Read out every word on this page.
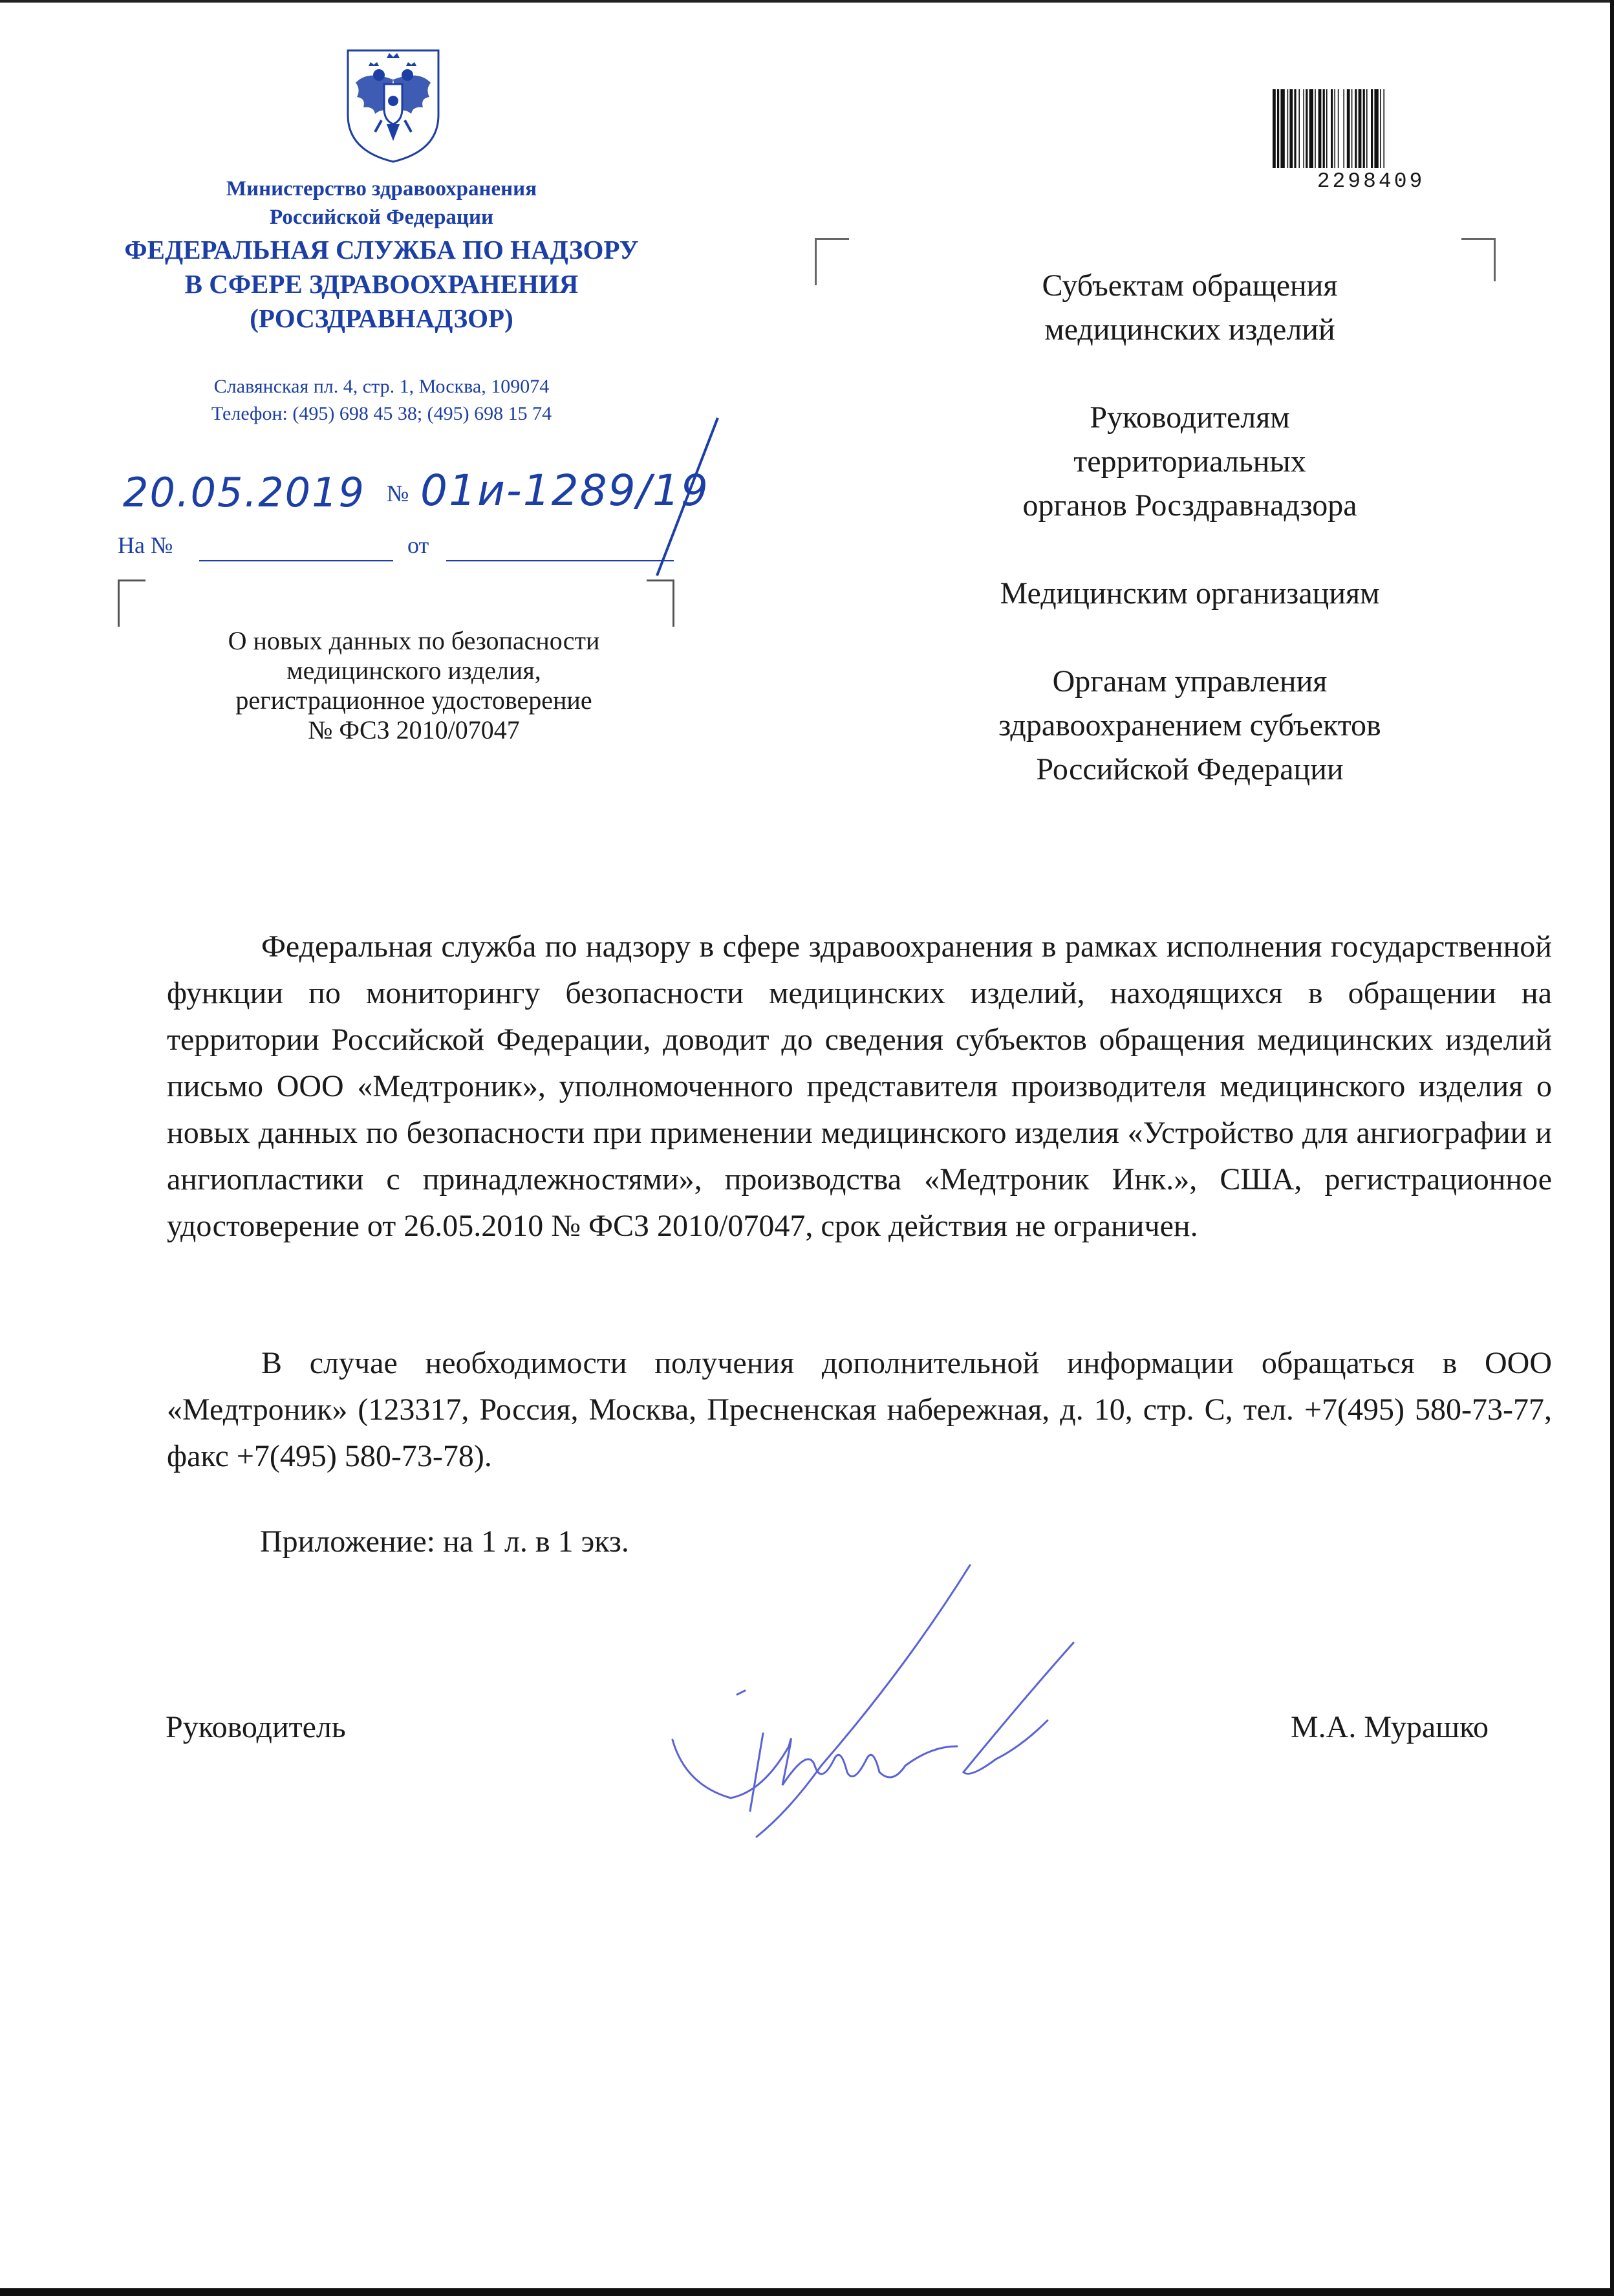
Министерство здравоохранения
Российской Федерации
ФЕДЕРАЛЬНАЯ СЛУЖБА ПО НАДЗОРУ
В СФЕРЕ ЗДРАВООХРАНЕНИЯ
(РОСЗДРАВНАДЗОР)
Славянская пл. 4, стр. 1, Москва, 109074
Телефон: (495) 698 45 38; (495) 698 15 74
20.05.2019 № 01и-1289/19
На №	от
О новых данных по безопасности
медицинского изделия,
регистрационное удостоверение
№ ФСЗ 2010/07047
2298409
Субъектам обращения
медицинских изделий
Руководителям
территориальных
органов Росздравнадзора
Медицинским организациям
Органам управления
здравоохранением субъектов
Российской Федерации
Федеральная служба по надзору в сфере здравоохранения в рамках исполнения государственной функции по мониторингу безопасности медицинских изделий, находящихся в обращении на территории Российской Федерации, доводит до сведения субъектов обращения медицинских изделий письмо ООО «Медтроник», уполномоченного представителя производителя медицинского изделия о новых данных по безопасности при применении медицинского изделия «Устройство для ангиографии и ангиопластики с принадлежностями», производства «Медтроник Инк.», США, регистрационное удостоверение от 26.05.2010 № ФСЗ 2010/07047, срок действия не ограничен.
В случае необходимости получения дополнительной информации обращаться в ООО «Медтроник» (123317, Россия, Москва, Пресненская набережная, д. 10, стр. С, тел. +7(495) 580-73-77, факс +7(495) 580-73-78).
Приложение: на 1 л. в 1 экз.
Руководитель	М.А. Мурашко
